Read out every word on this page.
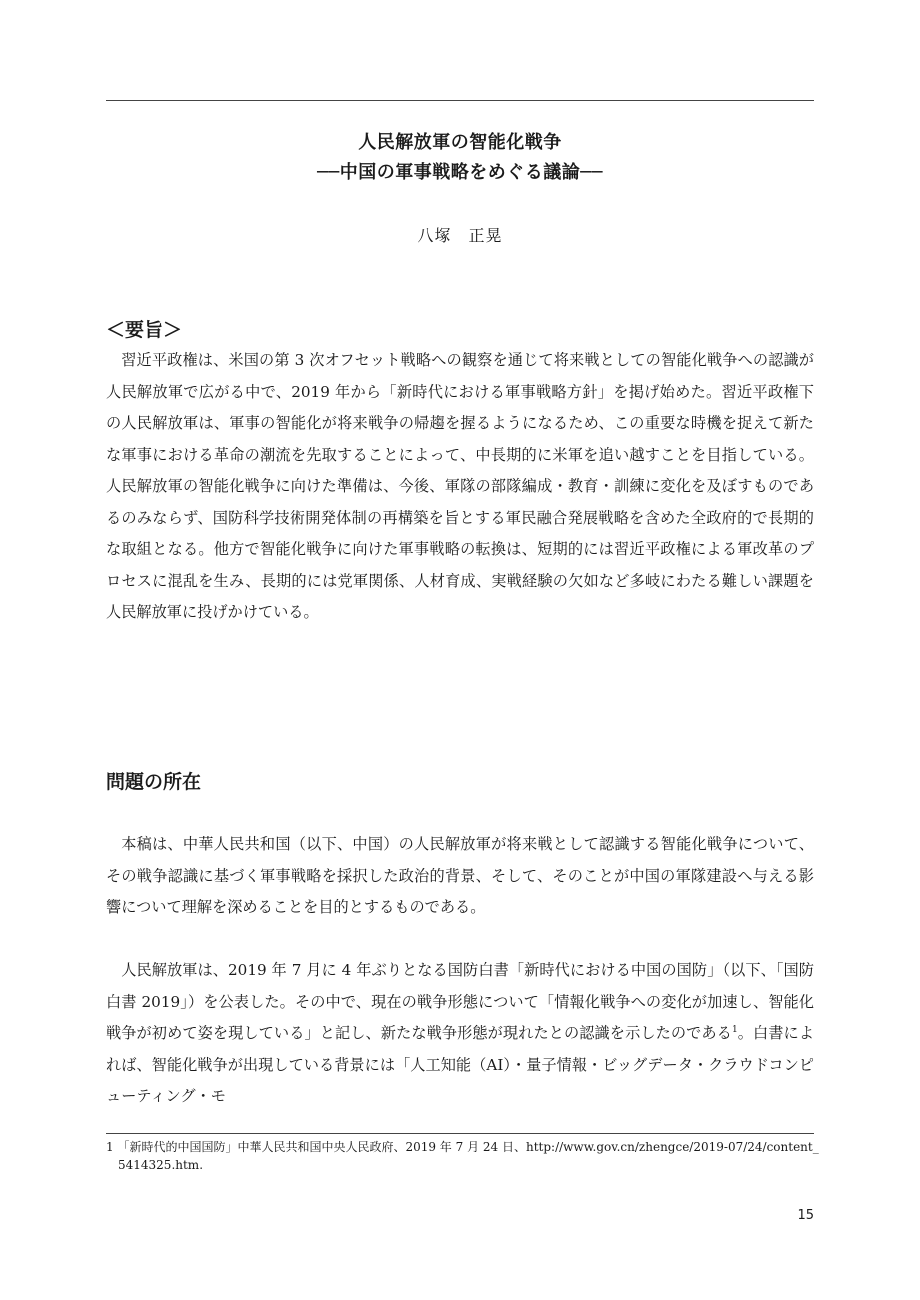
人民解放軍の智能化戦争
──中国の軍事戦略をめぐる議論──
八塚　正晃
＜要旨＞

習近平政権は、米国の第 3 次オフセット戦略への観察を通じて将来戦としての智能化戦争への認識が人民解放軍で広がる中で、2019 年から「新時代における軍事戦略方針」を掲げ始めた。習近平政権下の人民解放軍は、軍事の智能化が将来戦争の帰趨を握るようになるため、この重要な時機を捉えて新たな軍事における革命の潮流を先取することによって、中長期的に米軍を追い越すことを目指している。人民解放軍の智能化戦争に向けた準備は、今後、軍隊の部隊編成・教育・訓練に変化を及ぼすものであるのみならず、国防科学技術開発体制の再構築を旨とする軍民融合発展戦略を含めた全政府的で長期的な取組となる。他方で智能化戦争に向けた軍事戦略の転換は、短期的には習近平政権による軍改革のプロセスに混乱を生み、長期的には党軍関係、人材育成、実戦経験の欠如など多岐にわたる難しい課題を人民解放軍に投げかけている。

問題の所在

本稿は、中華人民共和国（以下、中国）の人民解放軍が将来戦として認識する智能化戦争について、その戦争認識に基づく軍事戦略を採択した政治的背景、そして、そのことが中国の軍隊建設へ与える影響について理解を深めることを目的とするものである。

人民解放軍は、2019 年 7 月に 4 年ぶりとなる国防白書「新時代における中国の国防」（以下、「国防白書 2019」）を公表した。その中で、現在の戦争形態について「情報化戦争への変化が加速し、智能化戦争が初めて姿を現している」と記し、新たな戦争形態が現れたとの認識を示したのである$^1$。白書によれば、智能化戦争が出現している背景には「人工知能（AI）・量子情報・ビッグデータ・クラウドコンピューティング・モ

1 「新時代的中国国防」中華人民共和国中央人民政府、2019 年 7 月 24 日、http://www.gov.cn/zhengce/2019-07/24/content_5414325.htm.

15
